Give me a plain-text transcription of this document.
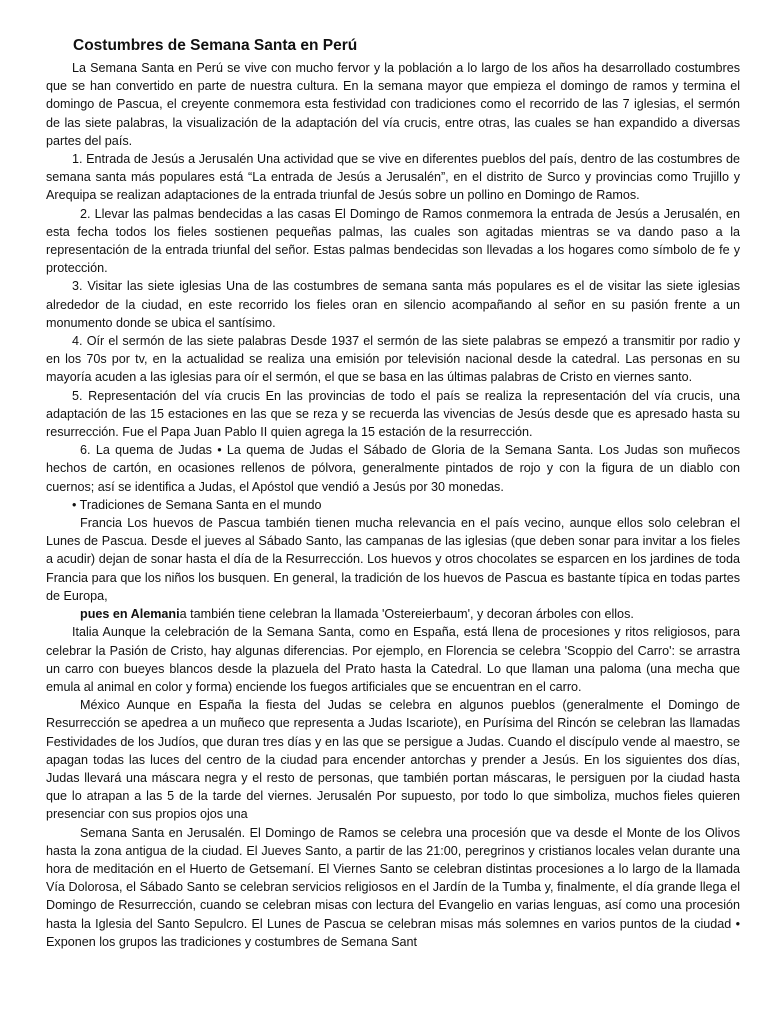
Costumbres de Semana Santa en Perú

La Semana Santa en Perú se vive con mucho fervor y la población a lo largo de los años ha desarrollado costumbres que se han convertido en parte de nuestra cultura. En la semana mayor que empieza el domingo de ramos y termina el domingo de Pascua, el creyente conmemora esta festividad con tradiciones como el recorrido de las 7 iglesias, el sermón de las siete palabras, la visualización de la adaptación del vía crucis, entre otras, las cuales se han expandido a diversas partes del país.

1. Entrada de Jesús a Jerusalén Una actividad que se vive en diferentes pueblos del país, dentro de las costumbres de semana santa más populares está “La entrada de Jesús a Jerusalén”, en el distrito de Surco y provincias como Trujillo y Arequipa se realizan adaptaciones de la entrada triunfal de Jesús sobre un pollino en Domingo de Ramos.

2. Llevar las palmas bendecidas a las casas El Domingo de Ramos conmemora la entrada de Jesús a Jerusalén, en esta fecha todos los fieles sostienen pequeñas palmas, las cuales son agitadas mientras se va dando paso a la representación de la entrada triunfal del señor. Estas palmas bendecidas son llevadas a los hogares como símbolo de fe y protección.

3. Visitar las siete iglesias Una de las costumbres de semana santa más populares es el de visitar las siete iglesias alrededor de la ciudad, en este recorrido los fieles oran en silencio acompañando al señor en su pasión frente a un monumento donde se ubica el santísimo.

4. Oír el sermón de las siete palabras Desde 1937 el sermón de las siete palabras se empezó a transmitir por radio y en los 70s por tv, en la actualidad se realiza una emisión por televisión nacional desde la catedral. Las personas en su mayoría acuden a las iglesias para oír el sermón, el que se basa en las últimas palabras de Cristo en viernes santo.

5. Representación del vía crucis En las provincias de todo el país se realiza la representación del vía crucis, una adaptación de las 15 estaciones en las que se reza y se recuerda las vivencias de Jesús desde que es apresado hasta su resurrección. Fue el Papa Juan Pablo II quien agrega la 15 estación de la resurrección.

6. La quema de Judas • La quema de Judas el Sábado de Gloria de la Semana Santa. Los Judas son muñecos hechos de cartón, en ocasiones rellenos de pólvora, generalmente pintados de rojo y con la figura de un diablo con cuernos; así se identifica a Judas, el Apóstol que vendió a Jesús por 30 monedas.

• Tradiciones de Semana Santa en el mundo

Francia Los huevos de Pascua también tienen mucha relevancia en el país vecino, aunque ellos solo celebran el Lunes de Pascua. Desde el jueves al Sábado Santo, las campanas de las iglesias (que deben sonar para invitar a los fieles a acudir) dejan de sonar hasta el día de la Resurrección. Los huevos y otros chocolates se esparcen en los jardines de toda Francia para que los niños los busquen. En general, la tradición de los huevos de Pascua es bastante típica en todas partes de Europa,

pues en Alemania también tiene celebran la llamada 'Ostereierbaum', y decoran árboles con ellos.

Italia Aunque la celebración de la Semana Santa, como en España, está llena de procesiones y ritos religiosos, para celebrar la Pasión de Cristo, hay algunas diferencias. Por ejemplo, en Florencia se celebra 'Scoppio del Carro': se arrastra un carro con bueyes blancos desde la plazuela del Prato hasta la Catedral. Lo que llaman una paloma (una mecha que emula al animal en color y forma) enciende los fuegos artificiales que se encuentran en el carro.

México Aunque en España la fiesta del Judas se celebra en algunos pueblos (generalmente el Domingo de Resurrección se apedrea a un muñeco que representa a Judas Iscariote), en Purísima del Rincón se celebran las llamadas Festividades de los Judíos, que duran tres días y en las que se persigue a Judas. Cuando el discípulo vende al maestro, se apagan todas las luces del centro de la ciudad para encender antorchas y prender a Jesús. En los siguientes dos días, Judas llevará una máscara negra y el resto de personas, que también portan máscaras, le persiguen por la ciudad hasta que lo atrapan a las 5 de la tarde del viernes. Jerusalén Por supuesto, por todo lo que simboliza, muchos fieles quieren presenciar con sus propios ojos una

Semana Santa en Jerusalén. El Domingo de Ramos se celebra una procesión que va desde el Monte de los Olivos hasta la zona antigua de la ciudad. El Jueves Santo, a partir de las 21:00, peregrinos y cristianos locales velan durante una hora de meditación en el Huerto de Getsemaní. El Viernes Santo se celebran distintas procesiones a lo largo de la llamada Vía Dolorosa, el Sábado Santo se celebran servicios religiosos en el Jardín de la Tumba y, finalmente, el día grande llega el Domingo de Resurrección, cuando se celebran misas con lectura del Evangelio en varias lenguas, así como una procesión hasta la Iglesia del Santo Sepulcro. El Lunes de Pascua se celebran misas más solemnes en varios puntos de la ciudad • Exponen los grupos las tradiciones y costumbres de Semana Sant
